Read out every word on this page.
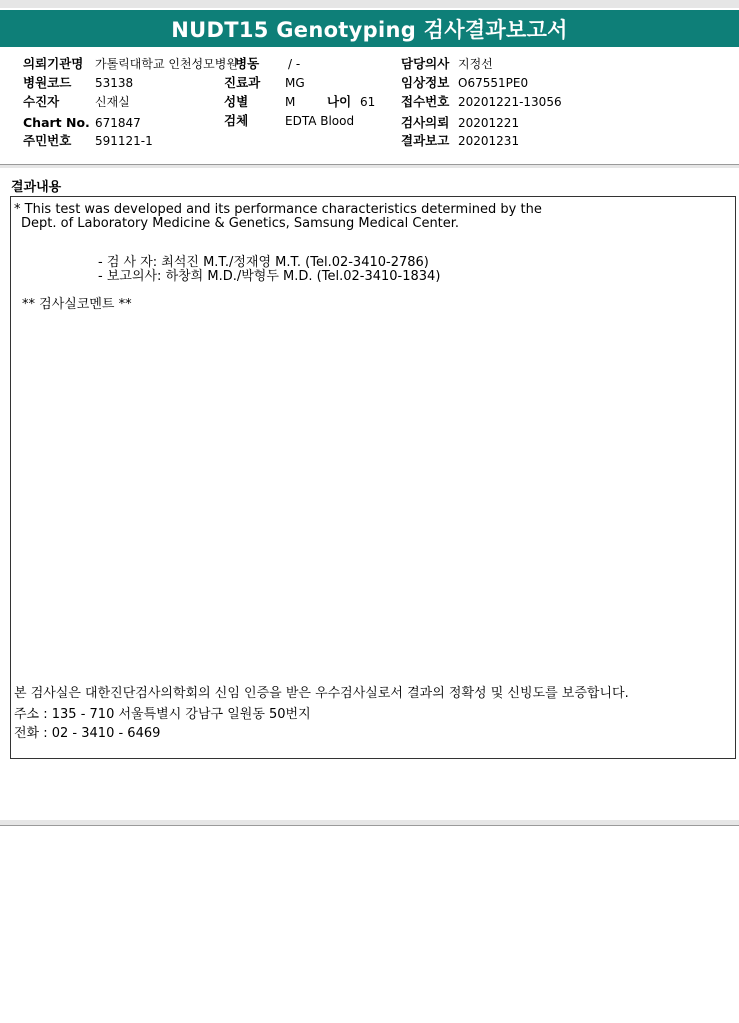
NUDT15 Genotyping 검사결과보고서
의뢰기관명 가톨릭대학교 인천성모병원
병원코드 53138
수진자	신재실
Chart No. 671847
주민번호 591121-1
병동 / -
진료과 MG
성별	M	나이 61
검체	EDTA Blood
담당의사 지정선
임상정보 O67551PE0
접수번호 20201221-13056
검사의뢰 20201221
결과보고 20201231
결과내용
* This test was developed and its performance characteristics determined by the
Dept. of Laboratory Medicine & Genetics, Samsung Medical Center.
- 검 사 자: 최석진 M.T./정재영 M.T. (Tel.02-3410-2786)
- 보고의사: 하창희 M.D./박형두 M.D. (Tel.02-3410-1834)
** 검사실코멘트 **
본 검사실은 대한진단검사의학회의 신임 인증을 받은 우수검사실로서 결과의 정확성 및 신빙도를 보증합니다.
주소 : 135 - 710 서울특별시 강남구 일원동 50번지
전화 : 02 - 3410 - 6469
